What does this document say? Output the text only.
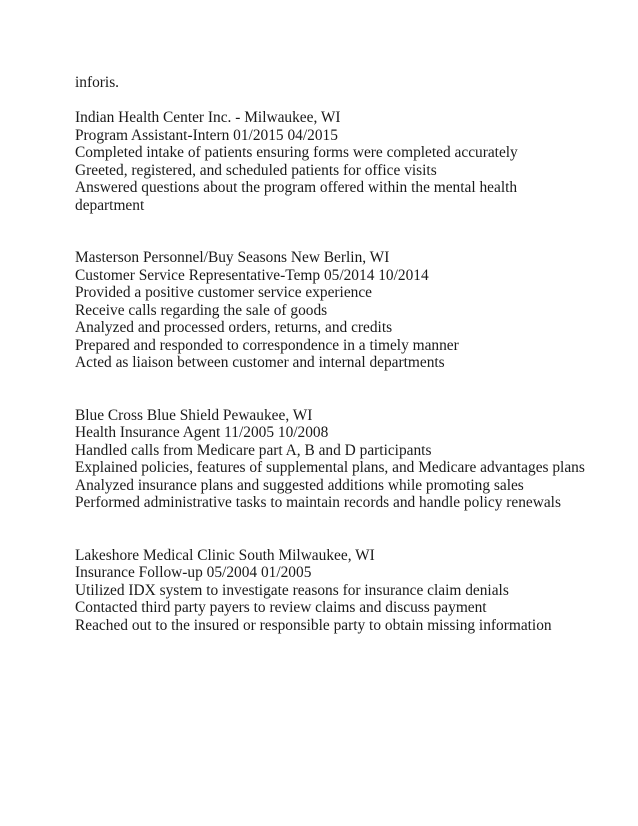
inforis.
Indian Health Center Inc. - Milwaukee, WI
Program Assistant-Intern 01/2015 04/2015
Completed intake of patients ensuring forms were completed accurately
Greeted, registered, and scheduled patients for office visits
Answered questions about the program offered within the mental health
department
Masterson Personnel/Buy Seasons New Berlin, WI
Customer Service Representative-Temp 05/2014 10/2014
Provided a positive customer service experience
Receive calls regarding the sale of goods
Analyzed and processed orders, returns, and credits
Prepared and responded to correspondence in a timely manner
Acted as liaison between customer and internal departments
Blue Cross Blue Shield Pewaukee, WI
Health Insurance Agent 11/2005 10/2008
Handled calls from Medicare part A, B and D participants
Explained policies, features of supplemental plans, and Medicare advantages plans
Analyzed insurance plans and suggested additions while promoting sales
Performed administrative tasks to maintain records and handle policy renewals
Lakeshore Medical Clinic South Milwaukee, WI
Insurance Follow-up 05/2004 01/2005
Utilized IDX system to investigate reasons for insurance claim denials
Contacted third party payers to review claims and discuss payment
Reached out to the insured or responsible party to obtain missing information
